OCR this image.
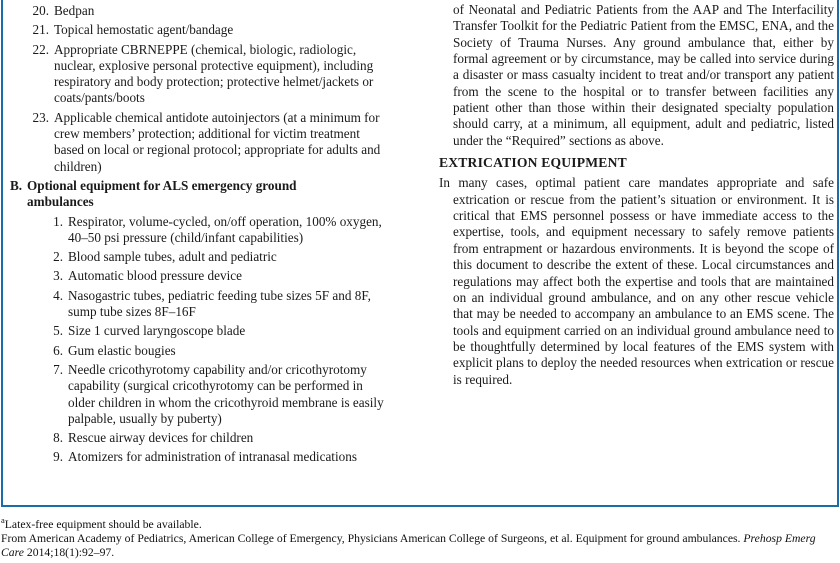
20. Bedpan
21. Topical hemostatic agent/bandage
22. Appropriate CBRNEPPE (chemical, biologic, radiologic, nuclear, explosive personal protective equipment), including respiratory and body protection; protective helmet/jackets or coats/pants/boots
23. Applicable chemical antidote autoinjectors (at a minimum for crew members’ protection; additional for victim treatment based on local or regional protocol; appropriate for adults and children)
B. Optional equipment for ALS emergency ground ambulances
1. Respirator, volume-cycled, on/off operation, 100% oxygen, 40–50 psi pressure (child/infant capabilities)
2. Blood sample tubes, adult and pediatric
3. Automatic blood pressure device
4. Nasogastric tubes, pediatric feeding tube sizes 5F and 8F, sump tube sizes 8F–16F
5. Size 1 curved laryngoscope blade
6. Gum elastic bougies
7. Needle cricothyrotomy capability and/or cricothyrotomy capability (surgical cricothyrotomy can be performed in older children in whom the cricothyroid membrane is easily palpable, usually by puberty)
8. Rescue airway devices for children
9. Atomizers for administration of intranasal medications

of Neonatal and Pediatric Patients from the AAP and The Interfacility Transfer Toolkit for the Pediatric Patient from the EMSC, ENA, and the Society of Trauma Nurses. Any ground ambulance that, either by formal agreement or by circumstance, may be called into service during a disaster or mass casualty incident to treat and/or transport any patient from the scene to the hospital or to transfer between facilities any patient other than those within their designated specialty population should carry, at a minimum, all equipment, adult and pediatric, listed under the “Required” sections as above.

EXTRICATION EQUIPMENT

In many cases, optimal patient care mandates appropriate and safe extrication or rescue from the patient’s situation or environment. It is critical that EMS personnel possess or have immediate access to the expertise, tools, and equipment necessary to safely remove patients from entrapment or hazardous environments. It is beyond the scope of this document to describe the extent of these. Local circumstances and regulations may affect both the expertise and tools that are maintained on an individual ground ambulance, and on any other rescue vehicle that may be needed to accompany an ambulance to an EMS scene. The tools and equipment carried on an individual ground ambulance need to be thoughtfully determined by local features of the EMS system with explicit plans to deploy the needed resources when extrication or rescue is required.

$^a$Latex-free equipment should be available.

From American Academy of Pediatrics, American College of Emergency, Physicians American College of Surgeons, et al. Equipment for ground ambulances. Prehosp Emerg Care 2014;18(1):92–97.
